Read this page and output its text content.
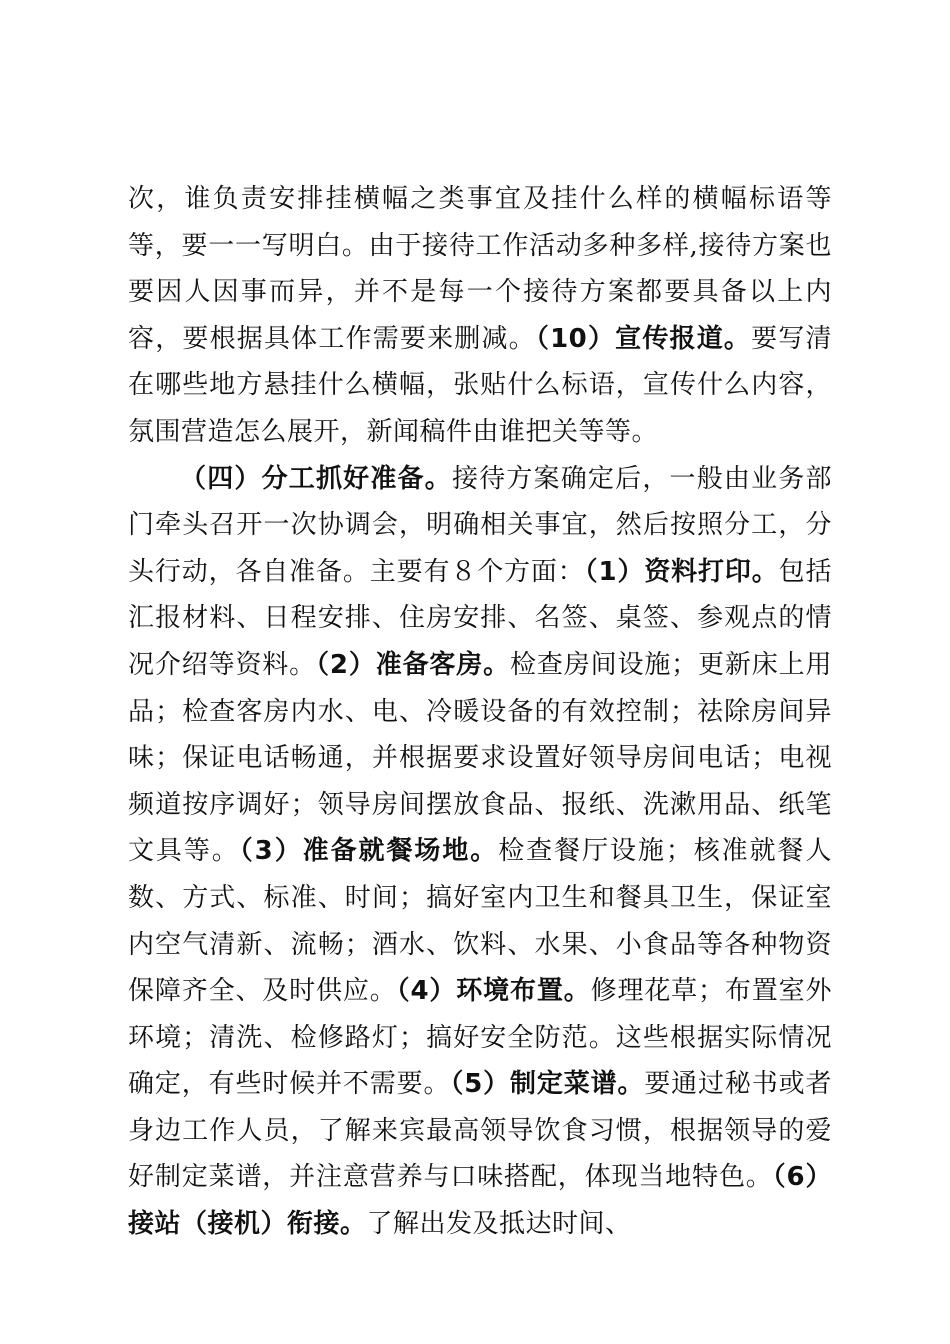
次，谁负责安排挂横幅之类事宜及挂什么样的横幅标语等等，要一一写明白。由于接待工作活动多种多样,接待方案也要因人因事而异，并不是每一个接待方案都要具备以上内容，要根据具体工作需要来删减。（10）宣传报道。要写清在哪些地方悬挂什么横幅，张贴什么标语，宣传什么内容，氛围营造怎么展开，新闻稿件由谁把关等等。

（四）分工抓好准备。接待方案确定后，一般由业务部门牵头召开一次协调会，明确相关事宜，然后按照分工，分头行动，各自准备。主要有８个方面：（1）资料打印。包括汇报材料、日程安排、住房安排、名签、桌签、参观点的情况介绍等资料。（2）准备客房。检查房间设施；更新床上用品；检查客房内水、电、冷暖设备的有效控制；祛除房间异味；保证电话畅通，并根据要求设置好领导房间电话；电视频道按序调好；领导房间摆放食品、报纸、洗漱用品、纸笔文具等。（3）准备就餐场地。检查餐厅设施；核准就餐人数、方式、标准、时间；搞好室内卫生和餐具卫生，保证室内空气清新、流畅；酒水、饮料、水果、小食品等各种物资保障齐全、及时供应。（4）环境布置。修理花草；布置室外环境；清洗、检修路灯；搞好安全防范。这些根据实际情况确定，有些时候并不需要。（5）制定菜谱。要通过秘书或者身边工作人员，了解来宾最高领导饮食习惯，根据领导的爱好制定菜谱，并注意营养与口味搭配，体现当地特色。（6）接站（接机）衔接。了解出发及抵达时间、
